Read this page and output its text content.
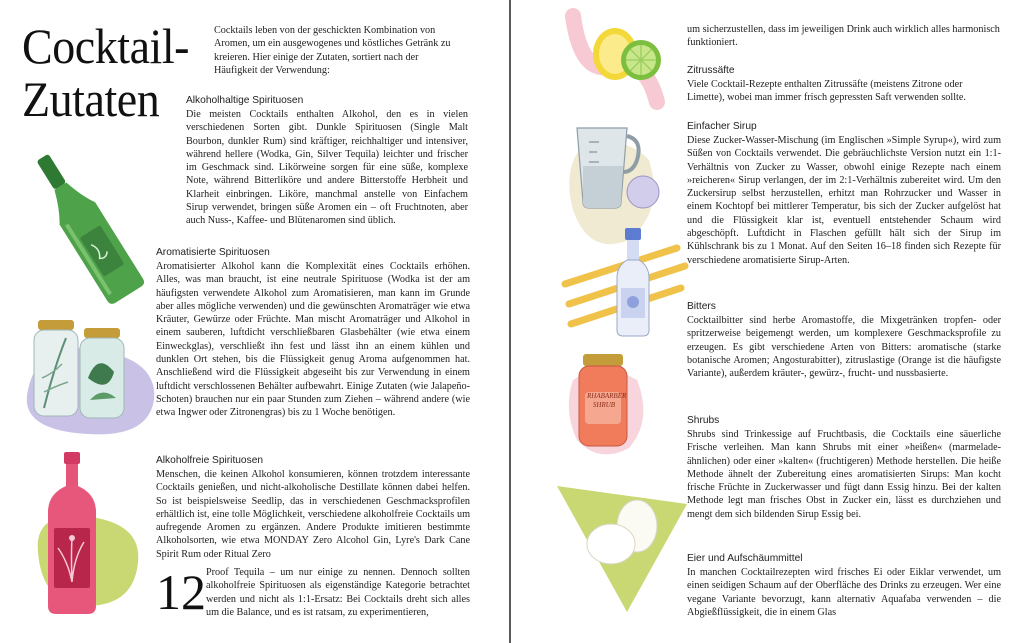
Cocktail-
Zutaten

Cocktails leben von der geschickten Kombination von Aromen, um ein ausgewogenes und köstliches Getränk zu kreieren. Hier einige der Zutaten, sortiert nach der Häufigkeit der Verwendung:

Alkoholhaltige Spirituosen

Die meisten Cocktails enthalten Alkohol, den es in vielen verschiedenen Sorten gibt. Dunkle Spirituosen (Single Malt Bourbon, dunkler Rum) sind kräftiger, reichhaltiger und intensiver, während hellere (Wodka, Gin, Silver Tequila) leichter und frischer im Geschmack sind. Likörweine sorgen für eine süße, komplexe Note, während Bitterliköre und andere Bitterstoffe Herbheit und Klarheit einbringen. Liköre, manchmal anstelle von Einfachem Sirup verwendet, bringen süße Aromen ein – oft Fruchtnoten, aber auch Nuss-, Kaffee- und Blütenaromen sind üblich.

Aromatisierte Spirituosen

Aromatisierter Alkohol kann die Komplexität eines Cocktails erhöhen. Alles, was man braucht, ist eine neutrale Spirituose (Wodka ist der am häufigsten verwendete Alkohol zum Aromatisieren, man kann im Grunde aber alles mögliche verwenden) und die gewünschten Aromaträger wie etwa Kräuter, Gewürze oder Früchte. Man mischt Aromaträger und Alkohol in einem sauberen, luftdicht verschließbaren Glasbehälter (wie etwa einem Einweckglas), verschließt ihn fest und lässt ihn an einem kühlen und dunklen Ort stehen, bis die Flüssigkeit genug Aroma aufgenommen hat. Anschließend wird die Flüssigkeit abgeseiht bis zur Verwendung in einem luftdicht verschlossenen Behälter aufbewahrt. Einige Zutaten (wie Jalapeño-Schoten) brauchen nur ein paar Stunden zum Ziehen – während andere (wie etwa Ingwer oder Zitronengras) bis zu 1 Woche benötigen.

Alkoholfreie Spirituosen

Menschen, die keinen Alkohol konsumieren, können trotzdem interessante Cocktails genießen, und nicht-alkoholische Destillate können dabei helfen. So ist beispielsweise Seedlip, das in verschiedenen Geschmacksprofilen erhältlich ist, eine tolle Möglichkeit, verschiedene alkoholfreie Cocktails um aufregende Aromen zu ergänzen. Andere Produkte imitieren bestimmte Alkoholsorten, wie etwa MONDAY Zero Alcohol Gin, Lyre's Dark Cane Spirit Rum oder Ritual Zero

Proof Tequila – um nur einige zu nennen. Dennoch sollten alkoholfreie Spirituosen als eigenständige Kategorie betrachtet werden und nicht als 1:1-Ersatz: Bei Cocktails dreht sich alles um die Balance, und es ist ratsam, zu experimentieren,

12

um sicherzustellen, dass im jeweiligen Drink auch wirklich alles harmonisch funktioniert.

Zitrussäfte

Viele Cocktail-Rezepte enthalten Zitrussäfte (meistens Zitrone oder Limette), wobei man immer frisch gepressten Saft verwenden sollte.

Einfacher Sirup

Diese Zucker-Wasser-Mischung (im Englischen »Simple Syrup«), wird zum Süßen von Cocktails verwendet. Die gebräuchlichste Version nutzt ein 1:1-Verhältnis von Zucker zu Wasser, obwohl einige Rezepte nach einem »reicheren« Sirup verlangen, der im 2:1-Verhältnis zubereitet wird. Um den Zuckersirup selbst herzustellen, erhitzt man Rohrzucker und Wasser in einem Kochtopf bei mittlerer Temperatur, bis sich der Zucker aufgelöst hat und die Flüssigkeit klar ist, eventuell entstehender Schaum wird abgeschöpft. Luftdicht in Flaschen gefüllt hält sich der Sirup im Kühlschrank bis zu 1 Monat. Auf den Seiten 16–18 finden sich Rezepte für verschiedene aromatisierte Sirup-Arten.

Bitters

Cocktailbitter sind herbe Aromastoffe, die Mixgetränken tropfen- oder spritzerweise beigemengt werden, um komplexere Geschmacksprofile zu erzeugen. Es gibt verschiedene Arten von Bitters: aromatische (starke botanische Aromen; Angosturabitter), zitruslastige (Orange ist die häufigste Variante), außerdem kräuter-, gewürz-, frucht- und nussbasierte.

Shrubs

Shrubs sind Trinkessige auf Fruchtbasis, die Cocktails eine säuerliche Frische verleihen. Man kann Shrubs mit einer »heißen« (marmelade-ähnlichen) oder einer »kalten« (fruchtigeren) Methode herstellen. Die heiße Methode ähnelt der Zubereitung eines aromatisierten Sirups: Man kocht frische Früchte in Zuckerwasser und fügt dann Essig hinzu. Bei der kalten Methode legt man frisches Obst in Zucker ein, lässt es durchziehen und mengt dem sich bildenden Sirup Essig bei.

Eier und Aufschäummittel

In manchen Cocktailrezepten wird frisches Ei oder Eiklar verwendet, um einen seidigen Schaum auf der Oberfläche des Drinks zu erzeugen. Wer eine vegane Variante bevorzugt, kann alternativ Aquafaba verwenden – die Abgießflüssigkeit, die in einem Glas

RHABARBER SHRUB
